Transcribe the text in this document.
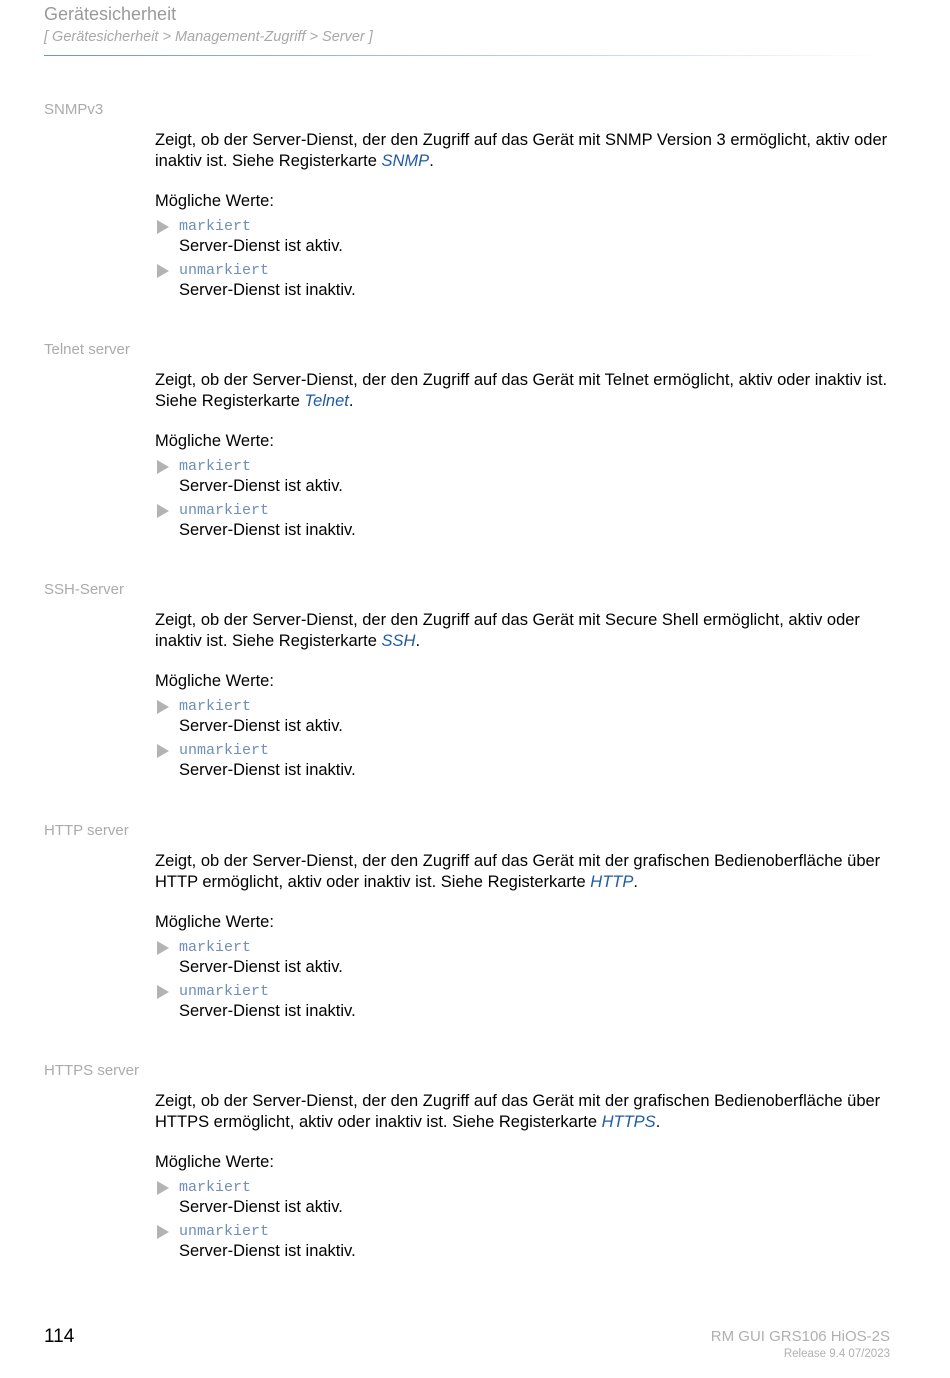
Gerätesicherheit
[ Gerätesicherheit > Management-Zugriff > Server ]
SNMPv3

Zeigt, ob der Server-Dienst, der den Zugriff auf das Gerät mit SNMP Version 3 ermöglicht, aktiv oder inaktiv ist. Siehe Registerkarte SNMP.

Mögliche Werte:
markiert
Server-Dienst ist aktiv.
unmarkiert
Server-Dienst ist inaktiv.
Telnet server

Zeigt, ob der Server-Dienst, der den Zugriff auf das Gerät mit Telnet ermöglicht, aktiv oder inaktiv ist. Siehe Registerkarte Telnet.

Mögliche Werte:
markiert
Server-Dienst ist aktiv.
unmarkiert
Server-Dienst ist inaktiv.
SSH-Server

Zeigt, ob der Server-Dienst, der den Zugriff auf das Gerät mit Secure Shell ermöglicht, aktiv oder inaktiv ist. Siehe Registerkarte SSH.

Mögliche Werte:
markiert
Server-Dienst ist aktiv.
unmarkiert
Server-Dienst ist inaktiv.
HTTP server

Zeigt, ob der Server-Dienst, der den Zugriff auf das Gerät mit der grafischen Bedienoberfläche über HTTP ermöglicht, aktiv oder inaktiv ist. Siehe Registerkarte HTTP.

Mögliche Werte:
markiert
Server-Dienst ist aktiv.
unmarkiert
Server-Dienst ist inaktiv.
HTTPS server

Zeigt, ob der Server-Dienst, der den Zugriff auf das Gerät mit der grafischen Bedienoberfläche über HTTPS ermöglicht, aktiv oder inaktiv ist. Siehe Registerkarte HTTPS.

Mögliche Werte:
markiert
Server-Dienst ist aktiv.
unmarkiert
Server-Dienst ist inaktiv.
114	RM GUI GRS106 HiOS-2S
Release 9.4 07/2023
